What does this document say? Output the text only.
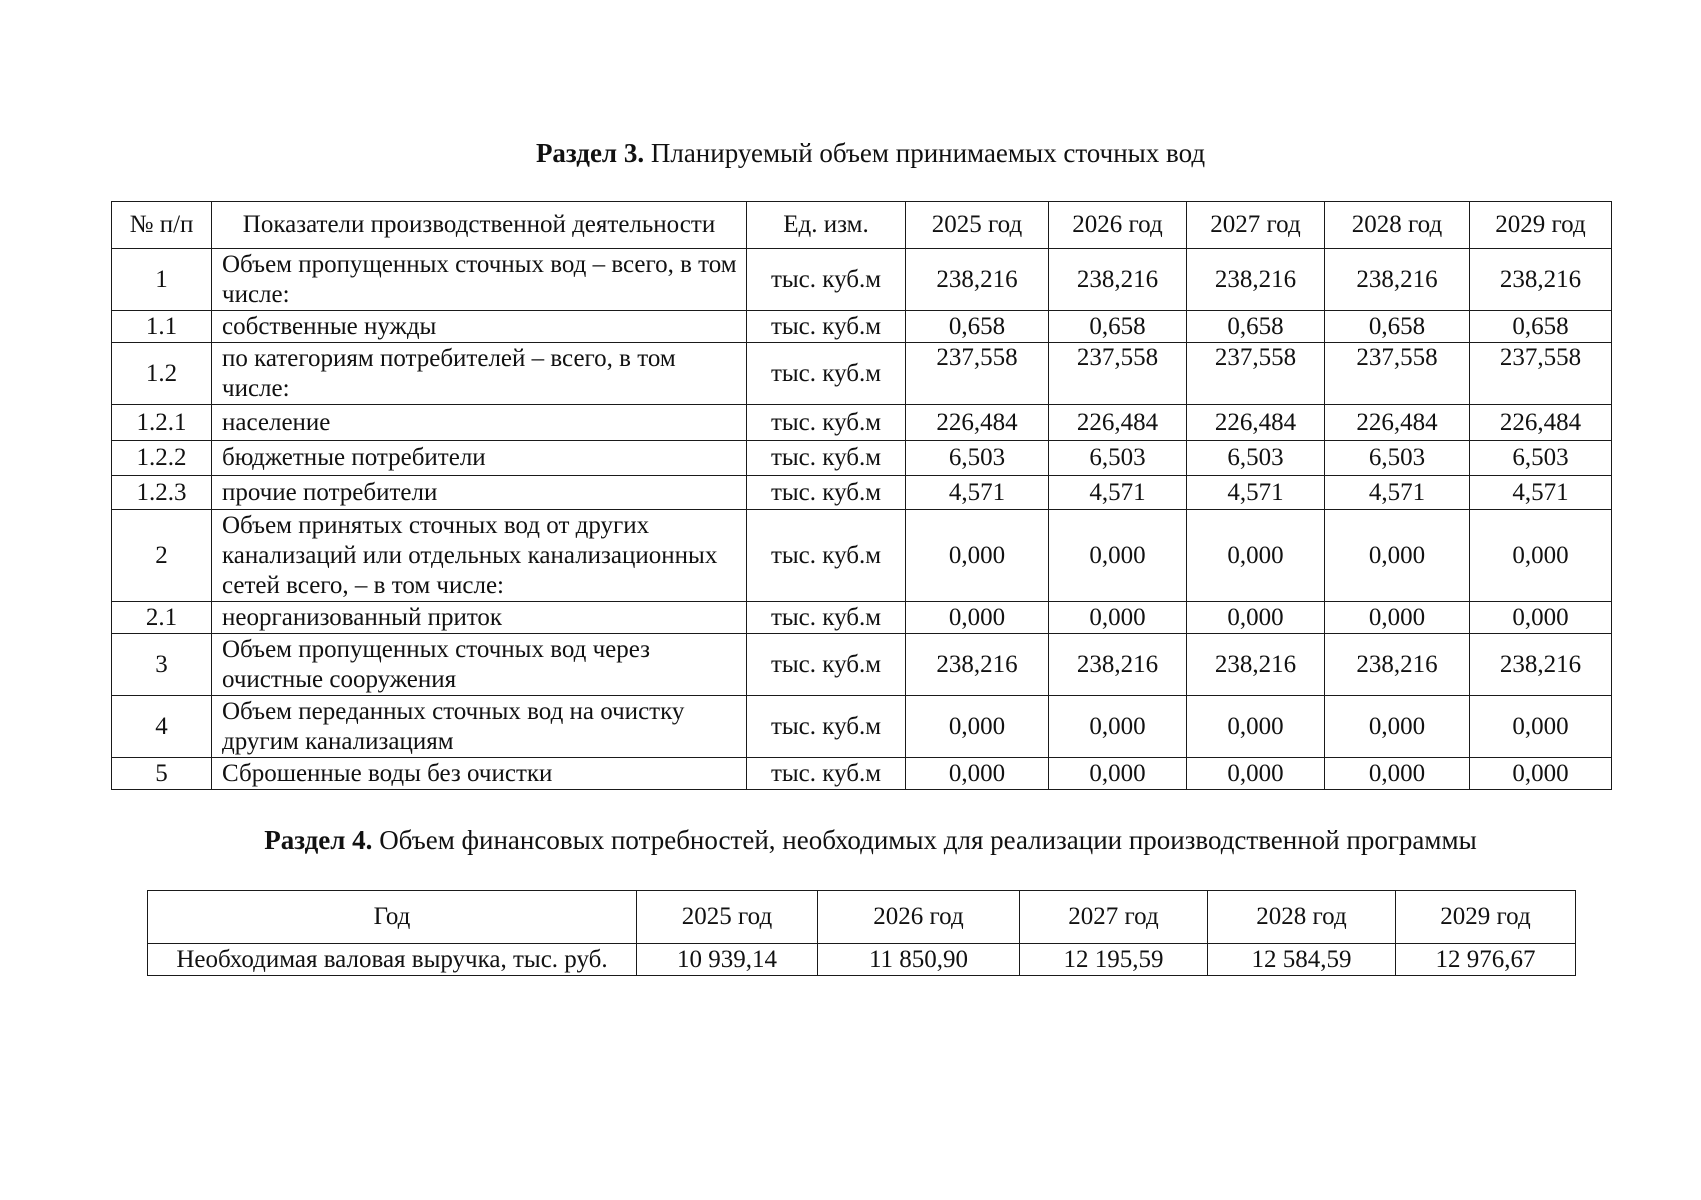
Раздел 3. Планируемый объем принимаемых сточных вод
№ п/п	Показатели производственной деятельности	Ед. изм.	2025 год	2026 год	2027 год	2028 год	2029 год
1	Объем пропущенных сточных вод – всего, в том числе:	тыс. куб.м	238,216	238,216	238,216	238,216	238,216
1.1	собственные нужды	тыс. куб.м	0,658	0,658	0,658	0,658	0,658
1.2	по категориям потребителей – всего, в том числе:	тыс. куб.м	237,558	237,558	237,558	237,558	237,558
1.2.1	население	тыс. куб.м	226,484	226,484	226,484	226,484	226,484
1.2.2	бюджетные потребители	тыс. куб.м	6,503	6,503	6,503	6,503	6,503
1.2.3	прочие потребители	тыс. куб.м	4,571	4,571	4,571	4,571	4,571
2	Объем принятых сточных вод от других канализаций или отдельных канализационных сетей всего, – в том числе:	тыс. куб.м	0,000	0,000	0,000	0,000	0,000
2.1	неорганизованный приток	тыс. куб.м	0,000	0,000	0,000	0,000	0,000
3	Объем пропущенных сточных вод через очистные сооружения	тыс. куб.м	238,216	238,216	238,216	238,216	238,216
4	Объем переданных сточных вод на очистку другим канализациям	тыс. куб.м	0,000	0,000	0,000	0,000	0,000
5	Сброшенные воды без очистки	тыс. куб.м	0,000	0,000	0,000	0,000	0,000
Раздел 4. Объем финансовых потребностей, необходимых для реализации производственной программы
Год	2025 год	2026 год	2027 год	2028 год	2029 год
Необходимая валовая выручка, тыс. руб.	10 939,14	11 850,90	12 195,59	12 584,59	12 976,67
